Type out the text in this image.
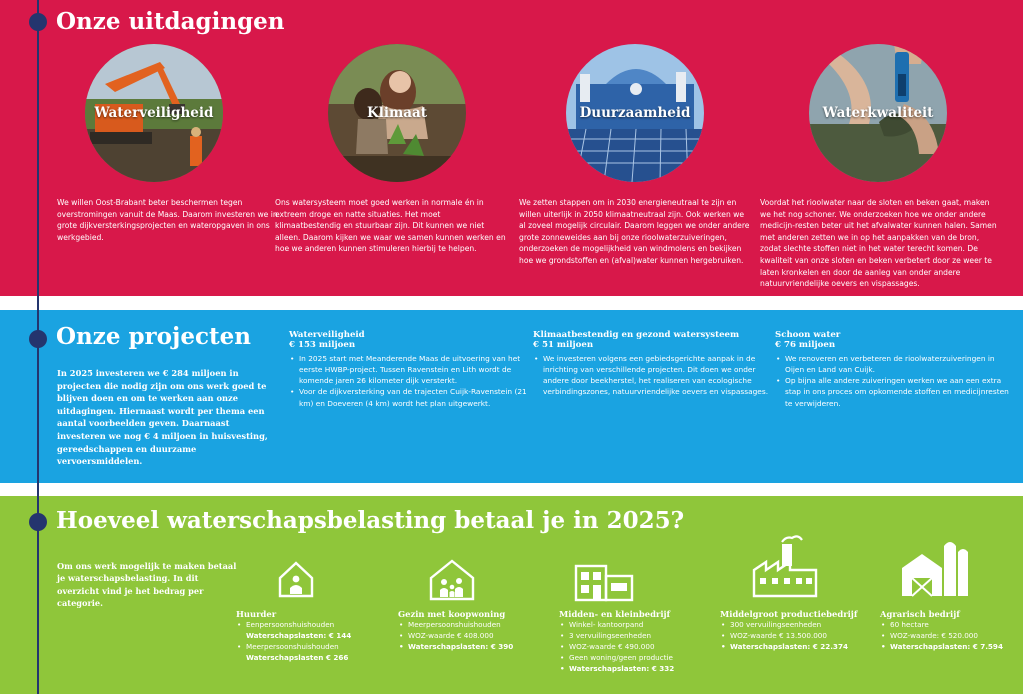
Onze uitdagingen
Waterveiligheid	Klimaat	Duurzaamheid	Waterkwaliteit

We willen Oost-Brabant beter beschermen tegen overstromingen vanuit de Maas. Daarom investeren we in grote dijkversterkingsprojecten en wateropgaven in ons werkgebied.

Ons watersysteem moet goed werken in normale én in extreem droge en natte situaties. Het moet klimaatbestendig en stuurbaar zijn. Dit kunnen we niet alleen. Daarom kijken we waar we samen kunnen werken en hoe we anderen kunnen stimuleren hierbij te helpen.

We zetten stappen om in 2030 energieneutraal te zijn en willen uiterlijk in 2050 klimaatneutraal zijn. Ook werken we al zoveel mogelijk circulair. Daarom leggen we onder andere grote zonneweides aan bij onze rioolwaterzuiveringen, onderzoeken de mogelijkheid van windmolens en bekijken hoe we grondstoffen en (afval)water kunnen hergebruiken.

Voordat het rioolwater naar de sloten en beken gaat, maken we het nog schoner. We onderzoeken hoe we onder andere medicijn-resten beter uit het afvalwater kunnen halen. Samen met anderen zetten we in op het aanpakken van de bron, zodat slechte stoffen niet in het water terecht komen. De kwaliteit van onze sloten en beken verbetert door ze weer te laten kronkelen en door de aanleg van onder andere natuurvriendelijke oevers en vispassages.

Onze projecten

In 2025 investeren we € 284 miljoen in projecten die nodig zijn om ons werk goed te blijven doen en om te werken aan onze uitdagingen. Hiernaast wordt per thema een aantal voorbeelden geven. Daarnaast investeren we nog € 4 miljoen in huisvesting, gereedschappen en duurzame vervoersmiddelen.

Waterveiligheid
€ 153 miljoen
• In 2025 start met Meanderende Maas de uitvoering van het eerste HWBP-project. Tussen Ravenstein en Lith wordt de komende jaren 26 kilometer dijk versterkt.
• Voor de dijkversterking van de trajecten Cuijk-Ravenstein (21 km) en Doeveren (4 km) wordt het plan uitgewerkt.
Klimaatbestendig en gezond watersysteem
€ 51 miljoen
• We investeren volgens een gebiedsgerichte aanpak in de inrichting van verschillende projecten. Dit doen we onder andere door beekherstel, het realiseren van ecologische verbindingszones, natuurvriendelijke oevers en vispassages.
Schoon water
€ 76 miljoen
• We renoveren en verbeteren de rioolwaterzuiveringen in Oijen en Land van Cuijk.
• Op bijna alle andere zuiveringen werken we aan een extra stap in ons proces om opkomende stoffen en medicijnresten te verwijderen.
Hoeveel waterschapsbelasting betaal je in 2025?

Om ons werk mogelijk te maken betaal je waterschapsbelasting. In dit overzicht vind je het bedrag per categorie.

Huurder
• Eenpersoonshuishouden
Waterschapslasten: € 144
• Meerpersoonshuishouden
Waterschapslasten € 266
Gezin met koopwoning
• Meerpersoonshuishouden
• WOZ-waarde € 408.000
• Waterschapslasten: € 390
Midden- en kleinbedrijf
• Winkel- kantoorpand
• 3 vervuilingseenheden
• WOZ-waarde € 490.000
• Geen woning/geen productie
• Waterschapslasten: € 332
Middelgroot productiebedrijf
• 300 vervuilingseenheden
• WOZ-waarde € 13.500.000
• Waterschapslasten: € 22.374
Agrarisch bedrijf
• 60 hectare
• WOZ-waarde: € 520.000
• Waterschapslasten: € 7.594
